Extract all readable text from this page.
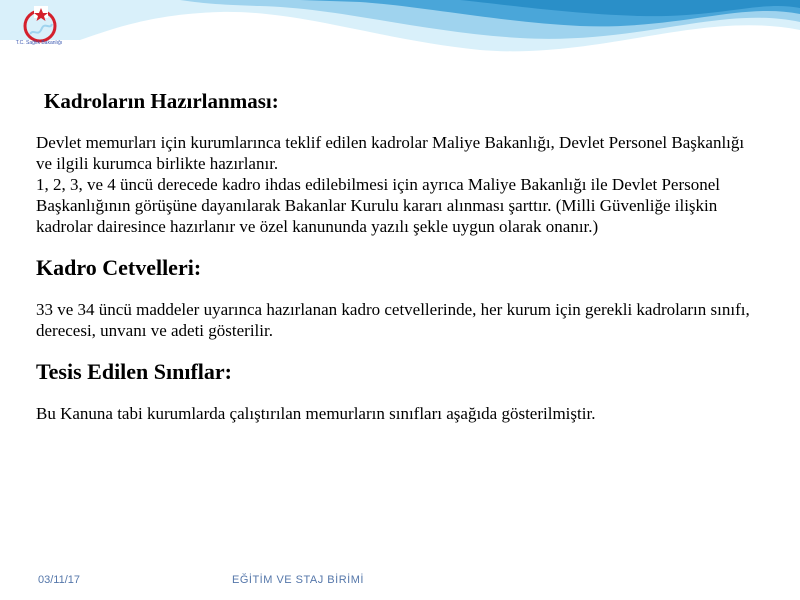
T.C. Sağlık Bakanlığı
Kadroların Hazırlanması:

Devlet memurları için kurumlarınca teklif edilen kadrolar Maliye Bakanlığı, Devlet Personel Başkanlığı ve ilgili kurumca birlikte hazırlanır.

1, 2, 3, ve 4 üncü derecede kadro ihdas edilebilmesi için ayrıca Maliye Bakanlığı ile Devlet Personel Başkanlığının görüşüne dayanılarak Bakanlar Kurulu kararı alınması şarttır. (Milli Güvenliğe ilişkin kadrolar dairesince hazırlanır ve özel kanununda yazılı şekle uygun olarak onanır.)

Kadro Cetvelleri:

33 ve 34 üncü maddeler uyarınca hazırlanan kadro cetvellerinde, her kurum için gerekli kadroların sınıfı, derecesi, unvanı ve adeti gösterilir.

Tesis Edilen Sınıflar:

Bu Kanuna tabi kurumlarda çalıştırılan memurların sınıfları aşağıda gösterilmiştir.

03/11/17	EĞİTİM VE STAJ BİRİMİ
